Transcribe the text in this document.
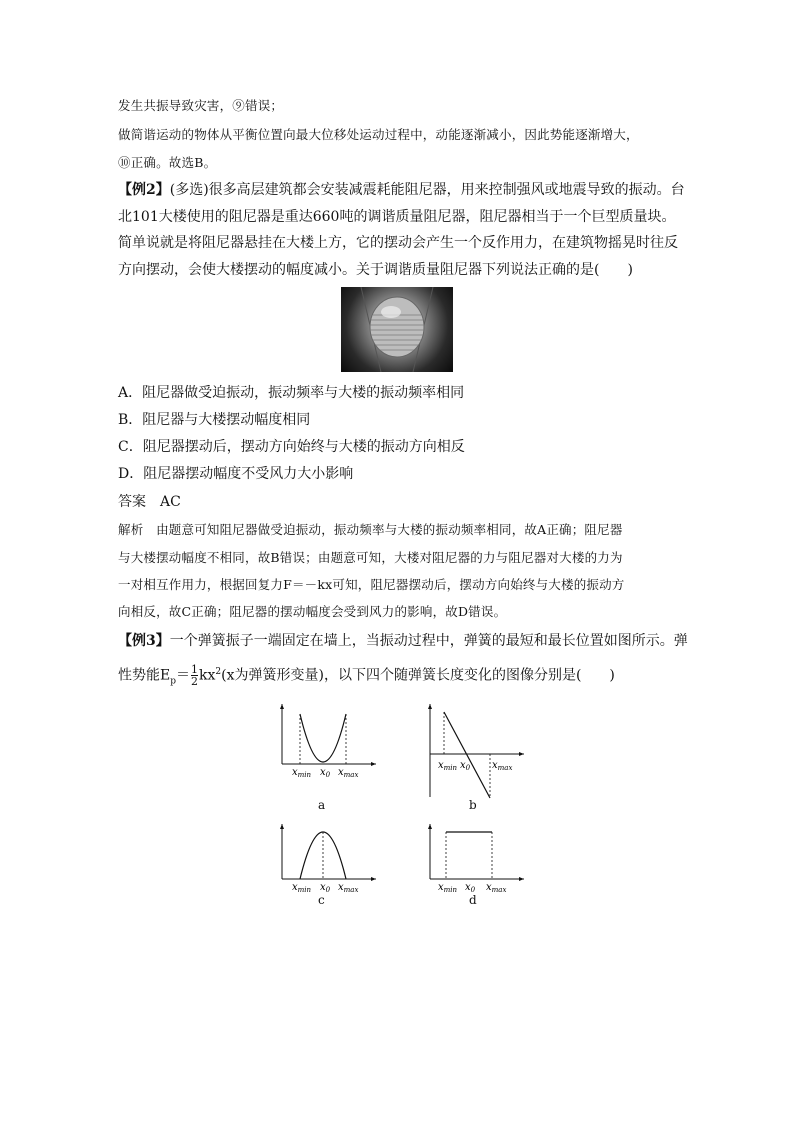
发生共振导致灾害，⑨错误；
做简谐运动的物体从平衡位置向最大位移处运动过程中，动能逐渐减小，因此势能逐渐增大，
⑩正确。故选B。
【例2】(多选)很多高层建筑都会安装减震耗能阻尼器，用来控制强风或地震导致的振动。台
北101大楼使用的阻尼器是重达660吨的调谐质量阻尼器，阻尼器相当于一个巨型质量块。
简单说就是将阻尼器悬挂在大楼上方，它的摆动会产生一个反作用力，在建筑物摇晃时往反
方向摆动，会使大楼摆动的幅度减小。关于调谐质量阻尼器下列说法正确的是(　　)
A．阻尼器做受迫振动，振动频率与大楼的振动频率相同
B．阻尼器与大楼摆动幅度相同
C．阻尼器摆动后，摆动方向始终与大楼的振动方向相反
D．阻尼器摆动幅度不受风力大小影响
答案　AC
解析　由题意可知阻尼器做受迫振动，振动频率与大楼的振动频率相同，故A正确；阻尼器
与大楼摆动幅度不相同，故B错误；由题意可知，大楼对阻尼器的力与阻尼器对大楼的力为
一对相互作用力，根据回复力F＝－kx可知，阻尼器摆动后，摆动方向始终与大楼的振动方
向相反，故C正确；阻尼器的摆动幅度会受到风力的影响，故D错误。
【例3】一个弹簧振子一端固定在墙上，当振动过程中，弹簧的最短和最长位置如图所示。弹
性势能$E_p= \frac{1}{2} kx^2(x$为弹簧形变量)，以下四个随弹簧长度变化的图像分别是(　　)
$x_{min}$ $x_0$ $x_{max}$
a
$x_{min}$ $x_0$ $x_{max}$
b
$x_{min}$ $x_0$ $x_{max}$
c
$x_{min}$ $x_0$ $x_{max}$
d
